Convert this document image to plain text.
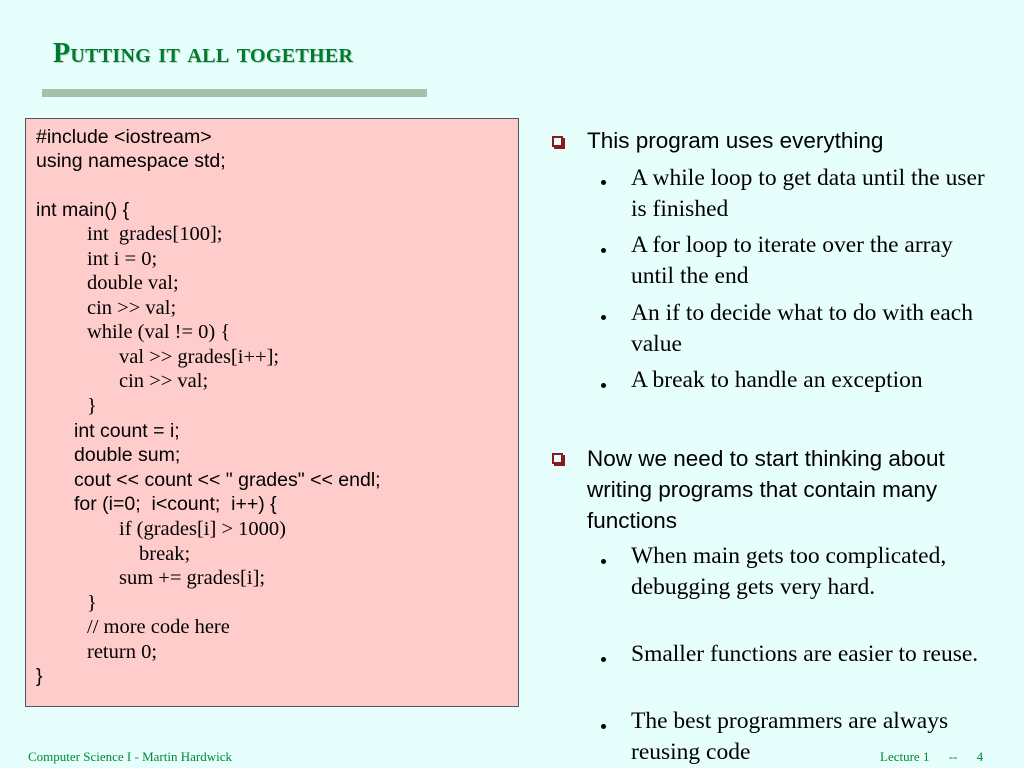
Putting it all together
#include <iostream>
using namespace std;
int main() {
int  grades[100];
int i = 0;
double val;
cin >> val;
while (val != 0) {
val >> grades[i++];
cin >> val;
}
int count = i;
double sum;
cout << count << " grades" << endl;
for (i=0;  i<count;  i++) {
if (grades[i] > 1000)
break;
sum += grades[i];
}
// more code here
return 0;
}
This program uses everything
A while loop to get data until the user is finished
A for loop to iterate over the array until the end
An if to decide what to do with each value
A break to handle an exception
Now we need to start thinking about writing programs that contain many functions
When main gets too complicated, debugging gets very hard.
Smaller functions are easier to reuse.
The best programmers are always reusing code
Computer Science I - Martin Hardwick	Lecture 1 -- 4
